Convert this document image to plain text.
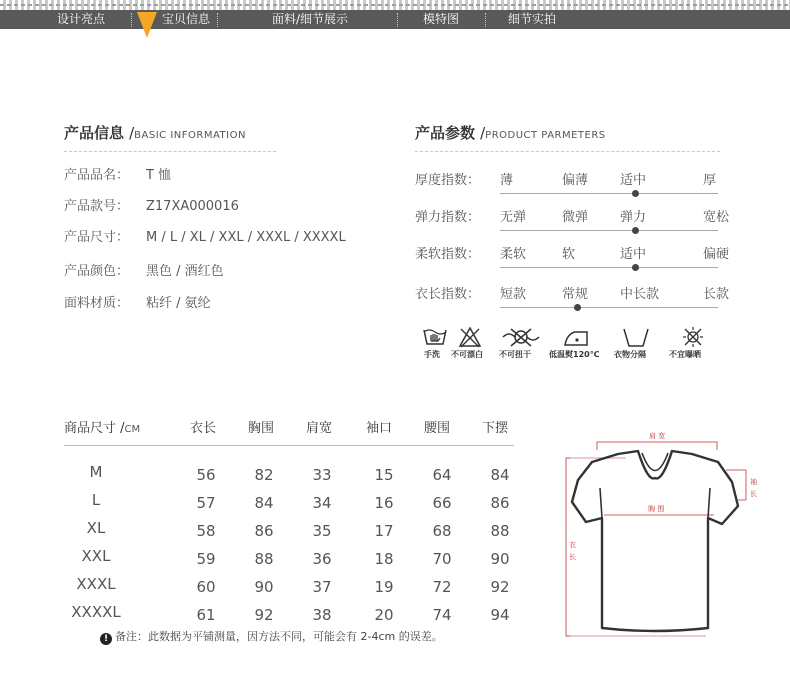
设计亮点	宝贝信息	面料/细节展示	模特图	细节实拍
产品信息 /BASIC INFORMATION
产品品名： T 恤
产品款号： Z17XA000016
产品尺寸： M / L / XL / XXL / XXXL / XXXXL
产品颜色： 黑色 / 酒红色
面料材质： 粘纤 / 氨纶
产品参数 /PRODUCT PARMETERS
厚度指数： 薄	偏薄 适中	厚
弹力指数： 无弹	微弹 弹力	宽松
柔软指数： 柔软	软	适中	偏硬
衣长指数： 短款	常规 中长款	长款
手洗 不可漂白 不可扭干 低温熨120℃ 衣物分隔	不宜曝晒
商品尺寸 /CM	衣长 胸围 肩宽	袖口 腰围 下摆
M	56	82	33	15	64	84
L	57	84	34	16	66	86
XL	58	86	35	17	68	88
XXL	59	88	36	18	70	90
XXXL	60	90	37	19	72	92
XXXXL	61	92	38	20	74	94
! 备注：此数据为平铺测量，因方法不同，可能会有 2-4cm 的误差。
肩 宽
胸 围
衣
长
袖
长
